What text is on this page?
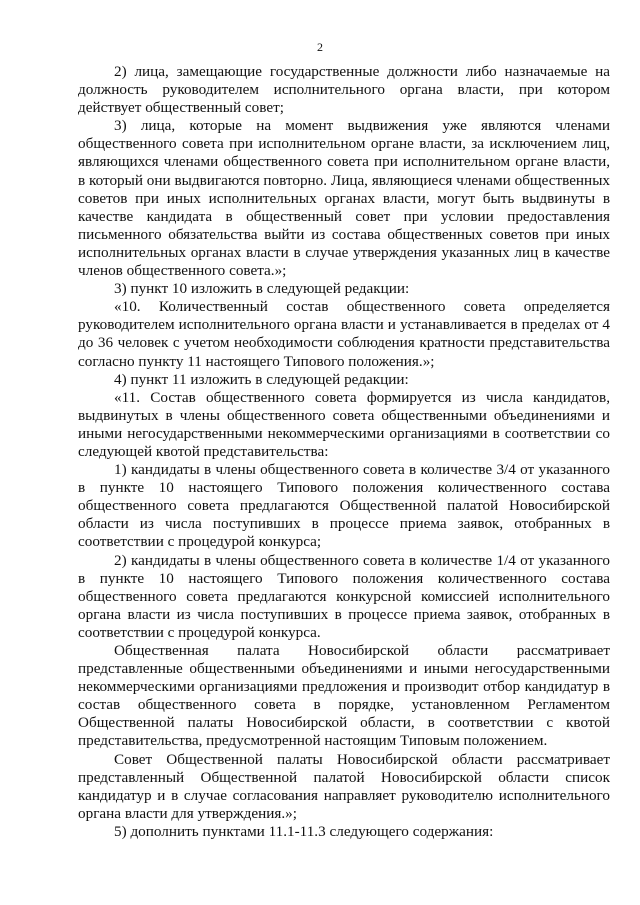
2

2) лица, замещающие государственные должности либо назначаемые на должность руководителем исполнительного органа власти, при котором действует общественный совет;

3) лица, которые на момент выдвижения уже являются членами общественного совета при исполнительном органе власти, за исключением лиц, являющихся членами общественного совета при исполнительном органе власти, в который они выдвигаются повторно. Лица, являющиеся членами общественных советов при иных исполнительных органах власти, могут быть выдвинуты в качестве кандидата в общественный совет при условии предоставления письменного обязательства выйти из состава общественных советов при иных исполнительных органах власти в случае утверждения указанных лиц в качестве членов общественного совета.»;

3) пункт 10 изложить в следующей редакции:

«10. Количественный состав общественного совета определяется руководителем исполнительного органа власти и устанавливается в пределах от 4 до 36 человек с учетом необходимости соблюдения кратности представительства согласно пункту 11 настоящего Типового положения.»;

4) пункт 11 изложить в следующей редакции:

«11. Состав общественного совета формируется из числа кандидатов, выдвинутых в члены общественного совета общественными объединениями и иными негосударственными некоммерческими организациями в соответствии со следующей квотой представительства:

1) кандидаты в члены общественного совета в количестве 3/4 от указанного в пункте 10 настоящего Типового положения количественного состава общественного совета предлагаются Общественной палатой Новосибирской области из числа поступивших в процессе приема заявок, отобранных в соответствии с процедурой конкурса;

2) кандидаты в члены общественного совета в количестве 1/4 от указанного в пункте 10 настоящего Типового положения количественного состава общественного совета предлагаются конкурсной комиссией исполнительного органа власти из числа поступивших в процессе приема заявок, отобранных в соответствии с процедурой конкурса.

Общественная палата Новосибирской области рассматривает представленные общественными объединениями и иными негосударственными некоммерческими организациями предложения и производит отбор кандидатур в состав общественного совета в порядке, установленном Регламентом Общественной палаты Новосибирской области, в соответствии с квотой представительства, предусмотренной настоящим Типовым положением.

Совет Общественной палаты Новосибирской области рассматривает представленный Общественной палатой Новосибирской области список кандидатур и в случае согласования направляет руководителю исполнительного органа власти для утверждения.»;

5) дополнить пунктами 11.1-11.3 следующего содержания:
